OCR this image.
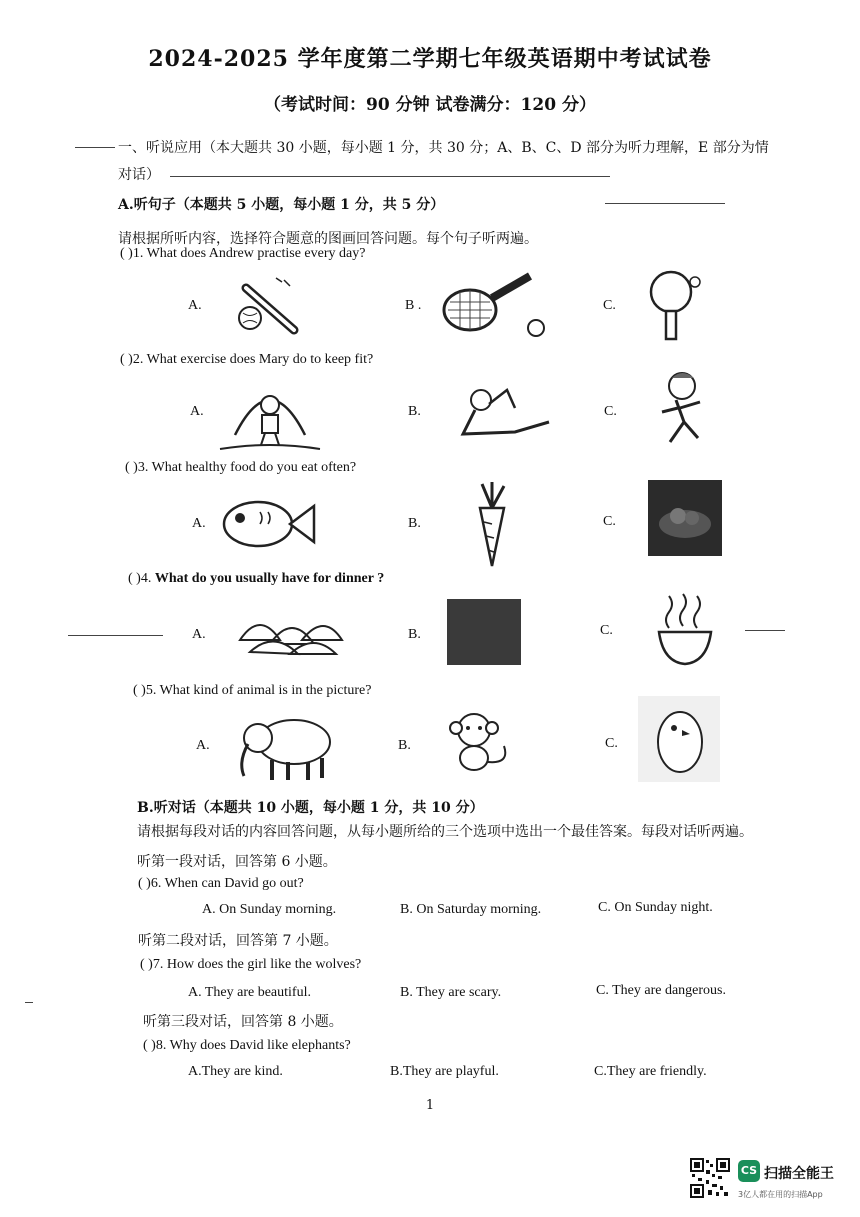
2024-2025 学年度第二学期七年级英语期中考试试卷
（考试时间：90 分钟 试卷满分：120 分）
一、听说应用（本大题共 30 小题，每小题 1 分，共 30 分；A、B、C、D 部分为听力理解，E 部分为情
对话）
A.听句子（本题共 5 小题，每小题 1 分，共 5 分）
请根据所听内容，选择符合题意的图画回答问题。每个句子听两遍。
( )1. What does Andrew practise every day?
A.	B .	C.
( )2. What exercise does Mary do to keep fit?
A.	B.	C.
( )3. What healthy food do you eat often?
A.	B.	C.
( )4. What do you usually have for dinner ?
A.	B.	C.
( )5. What kind of animal is in the picture?
A.	B.	C.
B.听对话（本题共 10 小题，每小题 1 分，共 10 分）
请根据每段对话的内容回答问题，从每小题所给的三个选项中选出一个最佳答案。每段对话听两遍。
听第一段对话，回答第 6 小题。
( )6. When can David go out?
A. On Sunday morning.	B. On Saturday morning.	C. On Sunday night.
听第二段对话，回答第 7 小题。
( )7. How does the girl like the wolves?
A. They are beautiful.	B. They are scary.	C. They are dangerous.
听第三段对话，回答第 8 小题。
( )8. Why does David like elephants?
A.They are kind.	B.They are playful.	C.They are friendly.
1
CS 扫描全能王
3亿人都在用的扫描App
